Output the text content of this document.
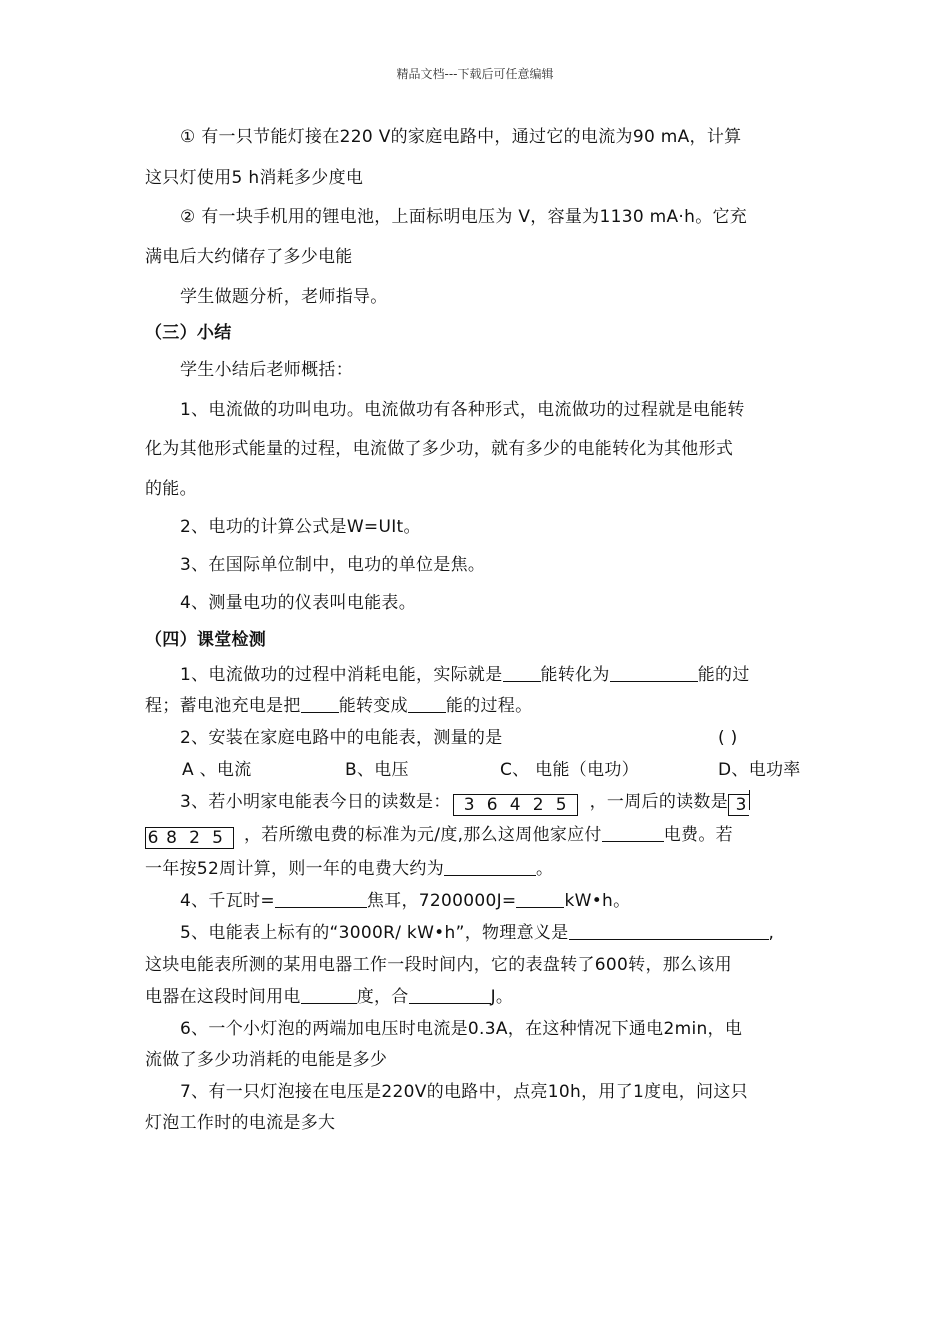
精品文档---下载后可任意编辑
① 有一只节能灯接在220 V的家庭电路中，通过它的电流为90 mA，计算
这只灯使用5 h消耗多少度电
② 有一块手机用的锂电池，上面标明电压为 V，容量为1130 mA·h。它充
满电后大约储存了多少电能
学生做题分析，老师指导。
（三）小结
学生小结后老师概括：
1、电流做的功叫电功。电流做功有各种形式，电流做功的过程就是电能转
化为其他形式能量的过程，电流做了多少功，就有多少的电能转化为其他形式
的能。
2、电功的计算公式是W=UIt。
3、在国际单位制中，电功的单位是焦。
4、测量电功的仪表叫电能表。
（四）课堂检测
1、电流做功的过程中消耗电能，实际就是 能转化为	能的过
程；蓄电池充电是把 能转变成 能的过程。
2、安装在家庭电路中的电能表，测量的是	( )
A 、电流	B、电压	C、 电能（电功）	D、电功率
3、若小明家电能表今日的读数是： 3 6 4 2 5 ，一周后的读数是 3
6 8 2 5 ，若所缴电费的标准为元/度,那么这周他家应付	电费。若
一年按52周计算，则一年的电费大约为	。
4、千瓦时=	焦耳，7200000J=	kW•h。
5、电能表上标有的“3000R/ kW•h”，物理意义是	,
这块电能表所测的某用电器工作一段时间内，它的表盘转了600转，那么该用
电器在这段时间用电	度，合	J。
6、一个小灯泡的两端加电压时电流是0.3A，在这种情况下通电2min，电
流做了多少功消耗的电能是多少
7、有一只灯泡接在电压是220V的电路中，点亮10h，用了1度电，问这只
灯泡工作时的电流是多大
